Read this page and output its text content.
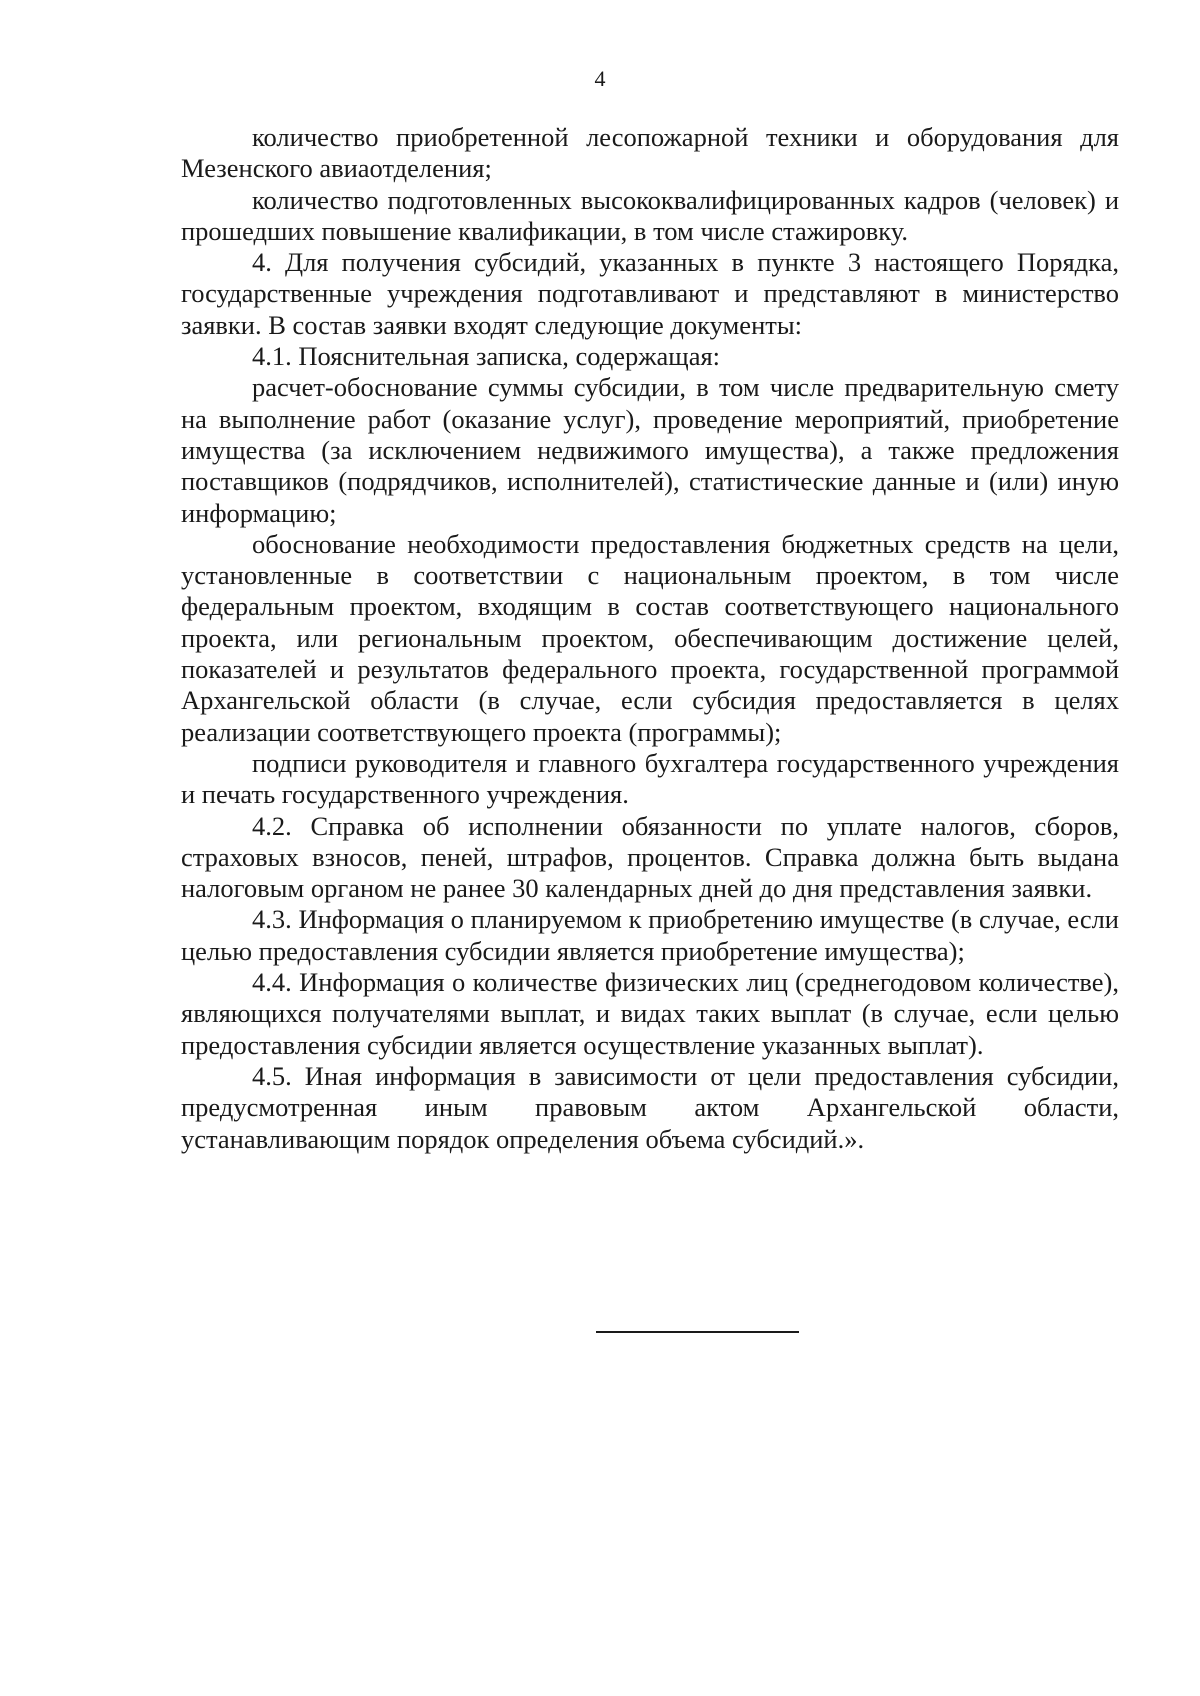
4

количество приобретенной лесопожарной техники и оборудования для Мезенского авиаотделения;

количество подготовленных высококвалифицированных кадров (человек) и прошедших повышение квалификации, в том числе стажировку.

4. Для получения субсидий, указанных в пункте 3 настоящего Порядка, государственные учреждения подготавливают и представляют в министерство заявки. В состав заявки входят следующие документы:

4.1. Пояснительная записка, содержащая:

расчет-обоснование суммы субсидии, в том числе предварительную смету на выполнение работ (оказание услуг), проведение мероприятий, приобретение имущества (за исключением недвижимого имущества), а также предложения поставщиков (подрядчиков, исполнителей), статистические данные и (или) иную информацию;

обоснование необходимости предоставления бюджетных средств на цели, установленные в соответствии с национальным проектом, в том числе федеральным проектом, входящим в состав соответствующего национального проекта, или региональным проектом, обеспечивающим достижение целей, показателей и результатов федерального проекта, государственной программой Архангельской области (в случае, если субсидия предоставляется в целях реализации соответствующего проекта (программы);

подписи руководителя и главного бухгалтера государственного учреждения и печать государственного учреждения.

4.2. Справка об исполнении обязанности по уплате налогов, сборов, страховых взносов, пеней, штрафов, процентов. Справка должна быть выдана налоговым органом не ранее 30 календарных дней до дня представления заявки.

4.3. Информация о планируемом к приобретению имуществе (в случае, если целью предоставления субсидии является приобретение имущества);

4.4. Информация о количестве физических лиц (среднегодовом количестве), являющихся получателями выплат, и видах таких выплат (в случае, если целью предоставления субсидии является осуществление указанных выплат).

4.5. Иная информация в зависимости от цели предоставления субсидии, предусмотренная иным правовым актом Архангельской области, устанавливающим порядок определения объема субсидий.».
